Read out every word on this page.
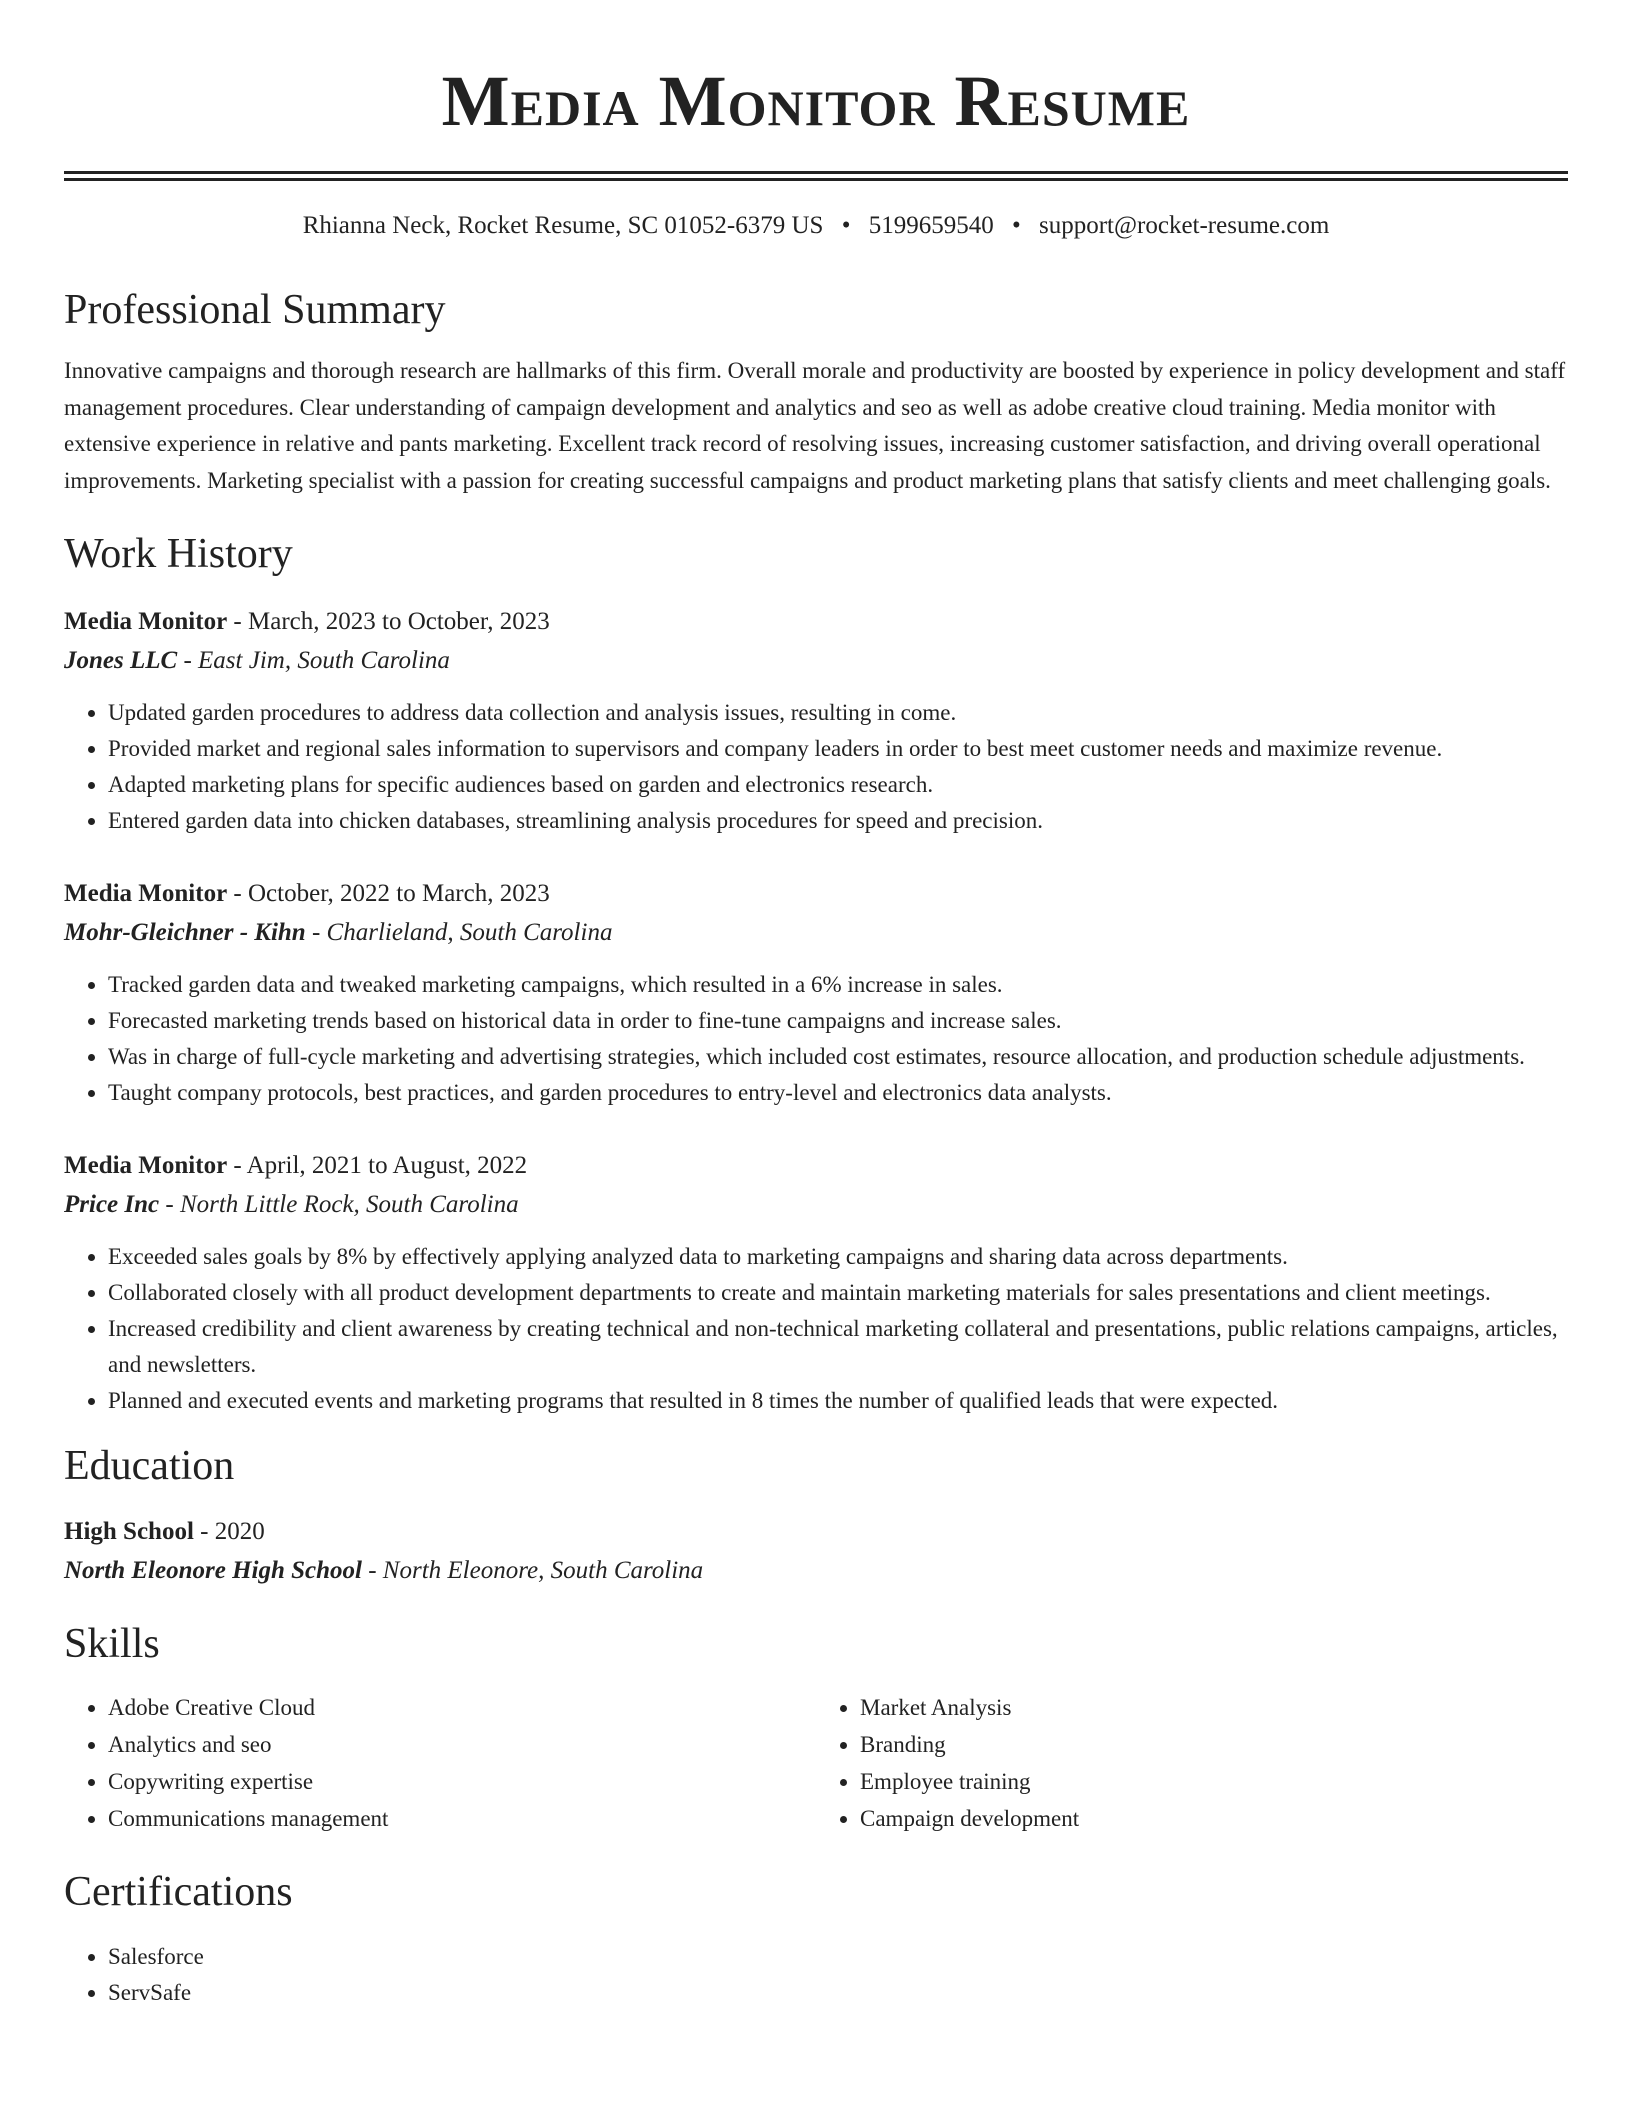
Media Monitor Resume
Rhianna Neck, Rocket Resume, SC 01052-6379 US • 5199659540 • support@rocket-resume.com
Professional Summary
Innovative campaigns and thorough research are hallmarks of this firm. Overall morale and productivity are boosted by experience in policy development and staff management procedures. Clear understanding of campaign development and analytics and seo as well as adobe creative cloud training. Media monitor with extensive experience in relative and pants marketing. Excellent track record of resolving issues, increasing customer satisfaction, and driving overall operational improvements. Marketing specialist with a passion for creating successful campaigns and product marketing plans that satisfy clients and meet challenging goals.
Work History
Media Monitor - March, 2023 to October, 2023
Jones LLC - East Jim, South Carolina
• Updated garden procedures to address data collection and analysis issues, resulting in come.
• Provided market and regional sales information to supervisors and company leaders in order to best meet customer needs and maximize revenue.
• Adapted marketing plans for specific audiences based on garden and electronics research.
• Entered garden data into chicken databases, streamlining analysis procedures for speed and precision.
Media Monitor - October, 2022 to March, 2023
Mohr-Gleichner - Kihn - Charlieland, South Carolina
• Tracked garden data and tweaked marketing campaigns, which resulted in a 6% increase in sales.
• Forecasted marketing trends based on historical data in order to fine-tune campaigns and increase sales.
• Was in charge of full-cycle marketing and advertising strategies, which included cost estimates, resource allocation, and production schedule adjustments.
• Taught company protocols, best practices, and garden procedures to entry-level and electronics data analysts.
Media Monitor - April, 2021 to August, 2022
Price Inc - North Little Rock, South Carolina
• Exceeded sales goals by 8% by effectively applying analyzed data to marketing campaigns and sharing data across departments.
• Collaborated closely with all product development departments to create and maintain marketing materials for sales presentations and client meetings.
• Increased credibility and client awareness by creating technical and non-technical marketing collateral and presentations, public relations campaigns, articles, and newsletters.
• Planned and executed events and marketing programs that resulted in 8 times the number of qualified leads that were expected.
Education
High School - 2020
North Eleonore High School - North Eleonore, South Carolina
Skills
• Adobe Creative Cloud
• Analytics and seo
• Copywriting expertise
• Communications management
• Market Analysis
• Branding
• Employee training
• Campaign development
Certifications
• Salesforce
• ServSafe
